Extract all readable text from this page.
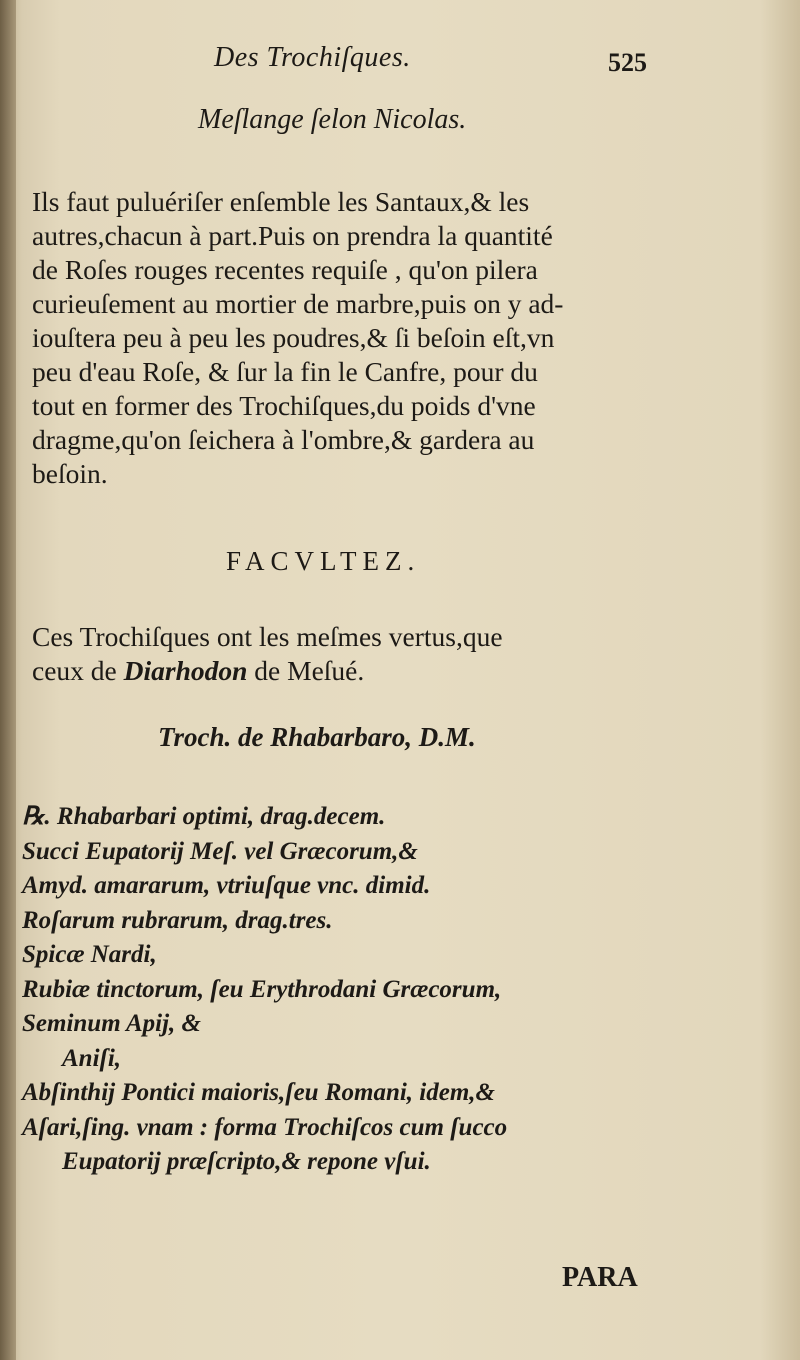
Des Trochiſques.	525
Meſlange ſelon Nicolas.
Ils faut puluériſer enſemble les Santaux,& les
autres,chacun à part.Puis on prendra la quantité
de Roſes rouges recentes requiſe , qu'on pilera
curieuſement au mortier de marbre,puis on y ad-
iouſtera peu à peu les poudres,& ſi beſoin eſt,vn
peu d'eau Roſe, & ſur la fin le Canfre, pour du
tout en former des Trochiſques,du poids d'vne
dragme,qu'on ſeichera à l'ombre,& gardera au
beſoin.
FACVLTEZ.
Ces Trochiſques ont les meſmes vertus,que
ceux de Diarhodon de Meſué.
Troch. de Rhabarbaro, D.M.
℞. Rhabarbari optimi, drag.decem.
Succi Eupatorij Meſ. vel Græcorum,&
Amyd. amararum, vtriuſque vnc. dimid.
Roſarum rubrarum, drag.tres.
Spicæ Nardi,
Rubiæ tinctorum, ſeu Erythrodani Græcorum,
Seminum Apij, &
Aniſi,
Abſinthij Pontici maioris,ſeu Romani, idem,&
Aſari,ſing. vnam : forma Trochiſcos cum ſucco
Eupatorij præſcripto,& repone vſui.
PARA
